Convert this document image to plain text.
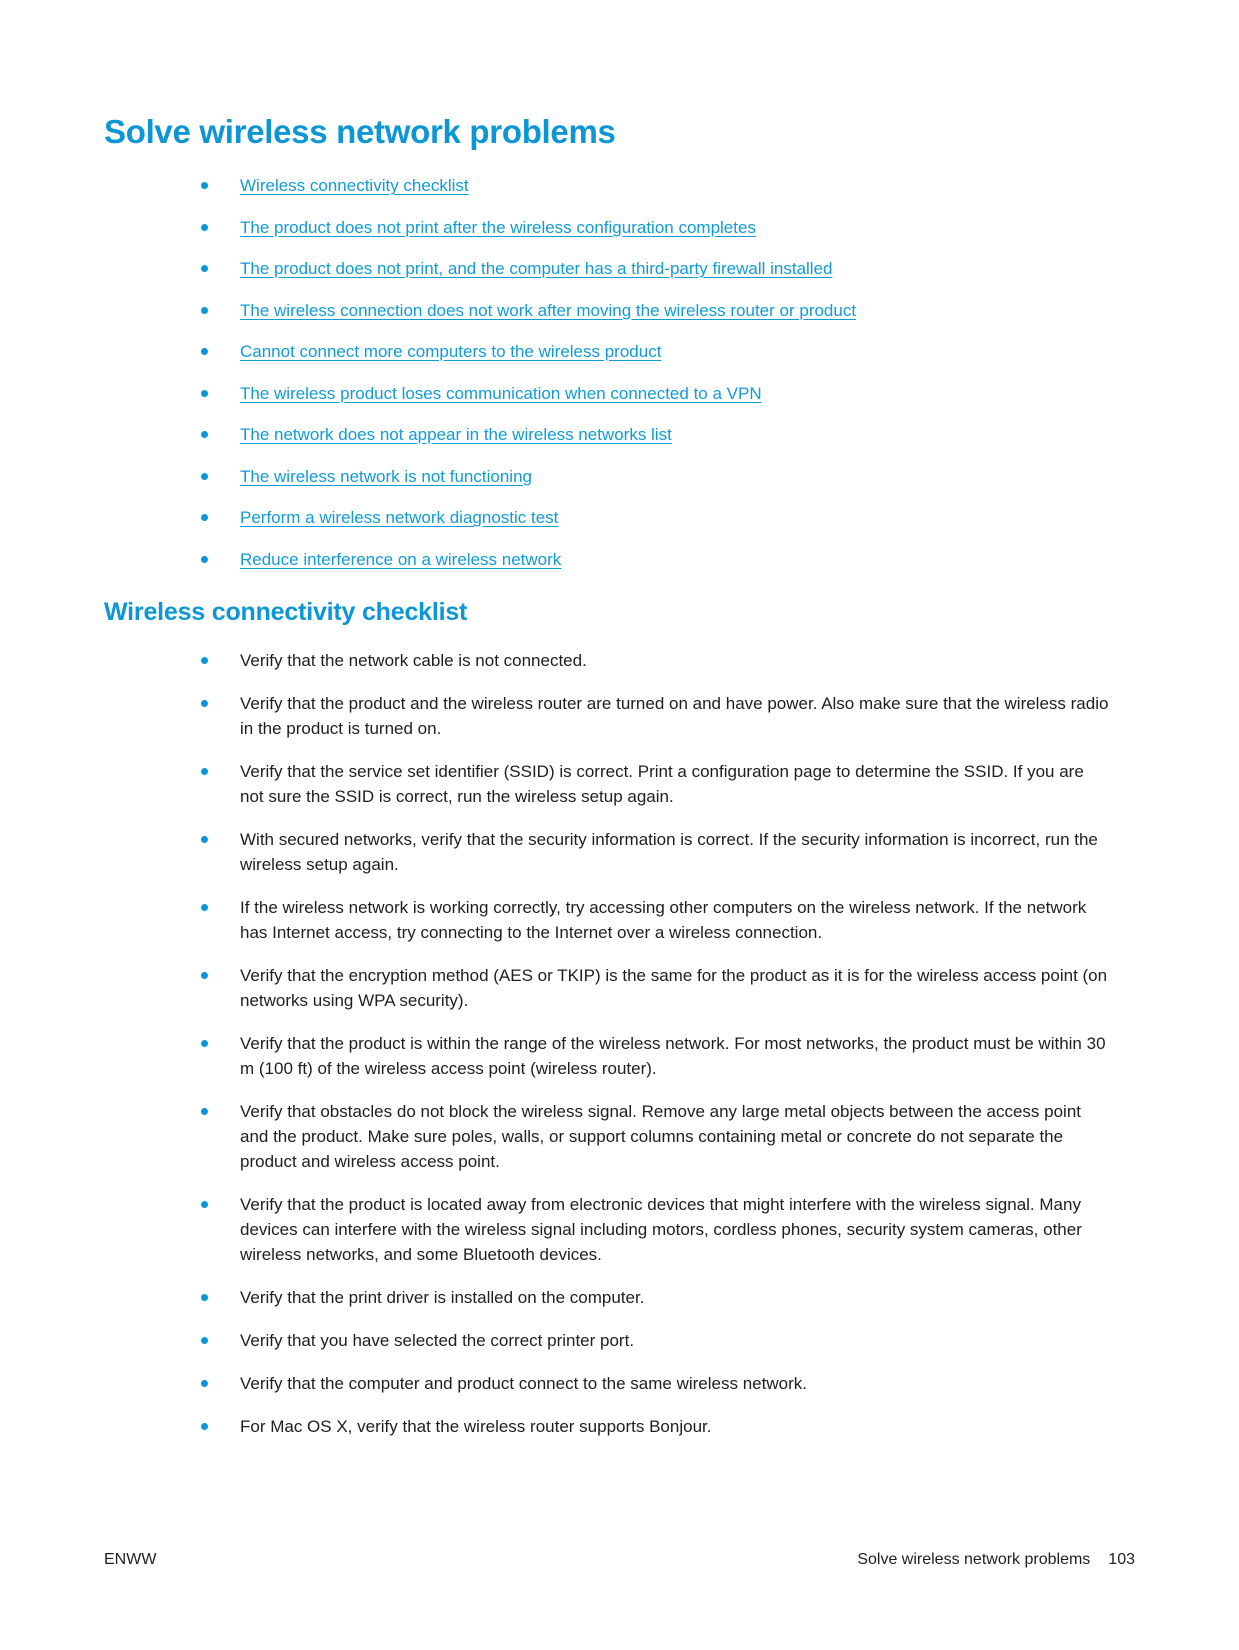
Solve wireless network problems
Wireless connectivity checklist
The product does not print after the wireless configuration completes
The product does not print, and the computer has a third-party firewall installed
The wireless connection does not work after moving the wireless router or product
Cannot connect more computers to the wireless product
The wireless product loses communication when connected to a VPN
The network does not appear in the wireless networks list
The wireless network is not functioning
Perform a wireless network diagnostic test
Reduce interference on a wireless network
Wireless connectivity checklist
Verify that the network cable is not connected.
Verify that the product and the wireless router are turned on and have power. Also make sure that the wireless radio in the product is turned on.
Verify that the service set identifier (SSID) is correct. Print a configuration page to determine the SSID. If you are not sure the SSID is correct, run the wireless setup again.
With secured networks, verify that the security information is correct. If the security information is incorrect, run the wireless setup again.
If the wireless network is working correctly, try accessing other computers on the wireless network. If the network has Internet access, try connecting to the Internet over a wireless connection.
Verify that the encryption method (AES or TKIP) is the same for the product as it is for the wireless access point (on networks using WPA security).
Verify that the product is within the range of the wireless network. For most networks, the product must be within 30 m (100 ft) of the wireless access point (wireless router).
Verify that obstacles do not block the wireless signal. Remove any large metal objects between the access point and the product. Make sure poles, walls, or support columns containing metal or concrete do not separate the product and wireless access point.
Verify that the product is located away from electronic devices that might interfere with the wireless signal. Many devices can interfere with the wireless signal including motors, cordless phones, security system cameras, other wireless networks, and some Bluetooth devices.
Verify that the print driver is installed on the computer.
Verify that you have selected the correct printer port.
Verify that the computer and product connect to the same wireless network.
For Mac OS X, verify that the wireless router supports Bonjour.
ENWW	Solve wireless network problems 103
